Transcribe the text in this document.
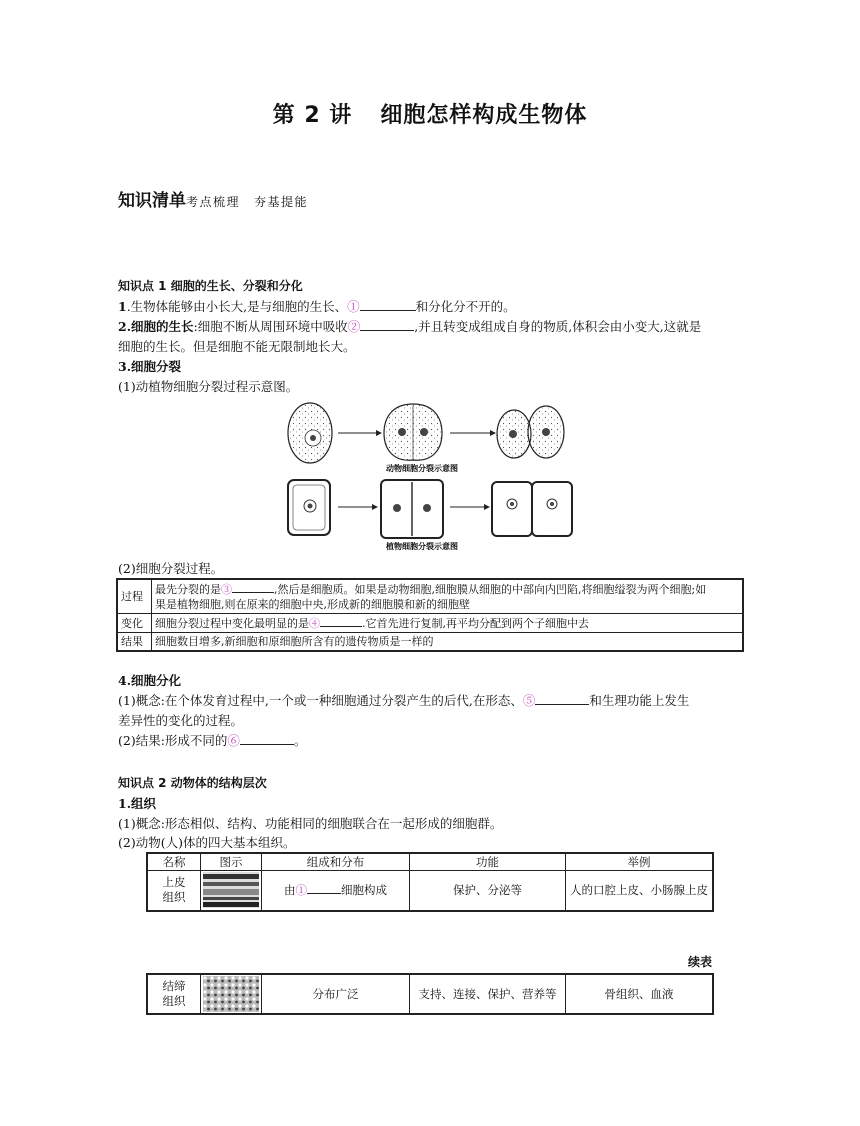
第 2 讲 细胞怎样构成生物体
知识清单考点梳理 夯基提能
知识点 1 细胞的生长、分裂和分化
1.生物体能够由小长大,是与细胞的生长、①	和分化分不开的。
2.细胞的生长:细胞不断从周围环境中吸收②	,并且转变成组成自身的物质,体积会由小变大,这就是
细胞的生长。但是细胞不能无限制地长大。
3.细胞分裂
(1)动植物细胞分裂过程示意图。
动物细胞分裂示意图
植物细胞分裂示意图
(2)细胞分裂过程。
过程	最先分裂的是③ ,然后是细胞质。如果是动物细胞,细胞膜从细胞的中部向内凹陷,将细胞缢裂为两个细胞;如
果是植物细胞,则在原来的细胞中央,形成新的细胞膜和新的细胞壁
变化	细胞分裂过程中变化最明显的是④ .它首先进行复制,再平均分配到两个子细胞中去
结果	细胞数目增多,新细胞和原细胞所含有的遗传物质是一样的
4.细胞分化
(1)概念:在个体发育过程中,一个或一种细胞通过分裂产生的后代,在形态、⑤	和生理功能上发生
差异性的变化的过程。
(2)结果:形成不同的⑥	。
知识点 2 动物体的结构层次
1.组织
(1)概念:形态相似、结构、功能相同的细胞联合在一起形成的细胞群。
(2)动物(人)体的四大基本组织。
名称	图示	组成和分布	功能	举例
上皮
组织		由① 细胞构成	保护、分泌等	人的口腔上皮、小肠腺上皮
续表
结缔
组织		分布广泛	支持、连接、保护、营养等	骨组织、血液
